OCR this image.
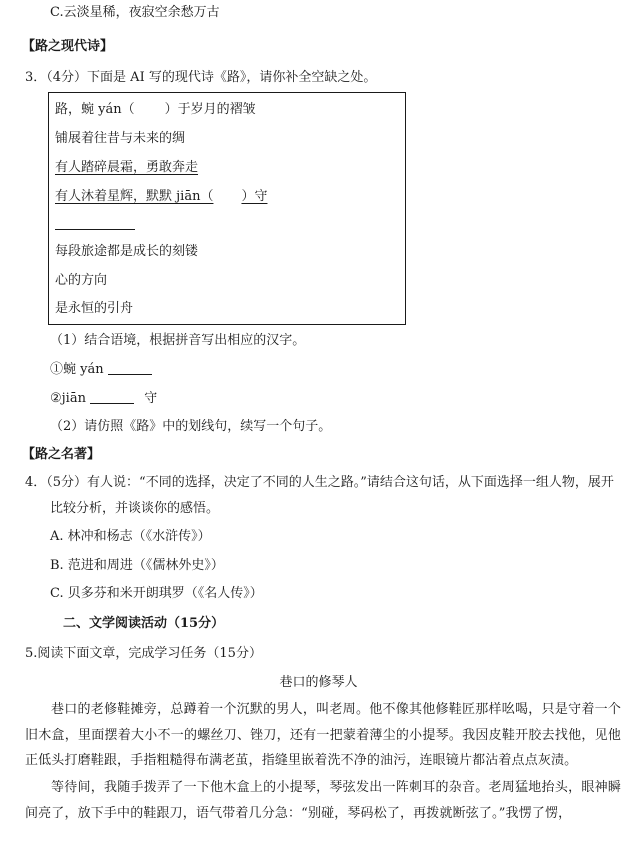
C.云淡星稀，夜寂空余愁万古
【路之现代诗】
3．（4分）下面是 AI 写的现代诗《路》，请你补全空缺之处。
路，蜿 yán（ ）于岁月的褶皱
铺展着往昔与未来的绸
有人踏碎晨霜，勇敢奔走
有人沐着星辉，默默 jiān（ ）守
每段旅途都是成长的刻镂
心的方向
是永恒的引舟
（1）结合语境，根据拼音写出相应的汉字。
①蜿 yán
②jiān	守
（2）请仿照《路》中的划线句，续写一个句子。
【路之名著】
4．（5分）有人说：“不同的选择，决定了不同的人生之路。”请结合这句话，从下面选择一组人物，展开
比较分析，并谈谈你的感悟。
A. 林冲和杨志（《水浒传》）
B. 范进和周进（《儒林外史》）
C. 贝多芬和米开朗琪罗（《名人传》）
二、文学阅读活动（15分）
5.阅读下面文章，完成学习任务（15分）
巷口的修琴人
巷口的老修鞋摊旁，总蹲着一个沉默的男人，叫老周。他不像其他修鞋匠那样吆喝，只是守着一个旧木盒，里面摆着大小不一的螺丝刀、锉刀，还有一把蒙着薄尘的小提琴。我因皮鞋开胶去找他，见他正低头打磨鞋跟，手指粗糙得布满老茧，指缝里嵌着洗不净的油污，连眼镜片都沾着点点灰渍。
等待间，我随手拨弄了一下他木盒上的小提琴，琴弦发出一阵刺耳的杂音。老周猛地抬头，眼神瞬间亮了，放下手中的鞋跟刀，语气带着几分急：“别碰，琴码松了，再拨就断弦了。”我愣了愣，
